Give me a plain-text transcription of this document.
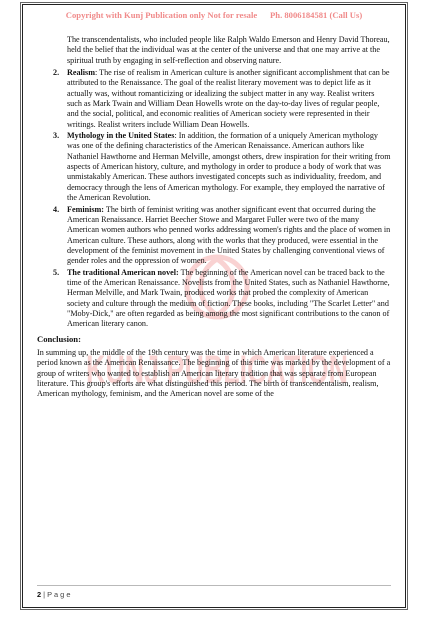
Copyright with Kunj Publication only Not for resale      Ph. 8006184581 (Call Us)
KUNJ PUBLICATION

The transcendentalists, who included people like Ralph Waldo Emerson and Henry David Thoreau, held the belief that the individual was at the center of the universe and that one may arrive at the spiritual truth by engaging in self-reflection and observing nature.

2. Realism: The rise of realism in American culture is another significant accomplishment that can be attributed to the Renaissance. The goal of the realist literary movement was to depict life as it actually was, without romanticizing or idealizing the subject matter in any way. Realist writers such as Mark Twain and William Dean Howells wrote on the day-to-day lives of regular people, and the social, political, and economic realities of American society were represented in their writings. Realist writers include William Dean Howells.
3. Mythology in the United States: In addition, the formation of a uniquely American mythology was one of the defining characteristics of the American Renaissance. American authors like Nathaniel Hawthorne and Herman Melville, amongst others, drew inspiration for their writing from aspects of American history, culture, and mythology in order to produce a body of work that was unmistakably American. These authors investigated concepts such as individuality, freedom, and democracy through the lens of American mythology. For example, they employed the narrative of the American Revolution.
4. Feminism: The birth of feminist writing was another significant event that occurred during the American Renaissance. Harriet Beecher Stowe and Margaret Fuller were two of the many American women authors who penned works addressing women's rights and the place of women in American culture. These authors, along with the works that they produced, were essential in the development of the feminist movement in the United States by challenging conventional views of gender roles and the oppression of women.
5. The traditional American novel: The beginning of the American novel can be traced back to the time of the American Renaissance. Novelists from the United States, such as Nathaniel Hawthorne, Herman Melville, and Mark Twain, produced works that probed the complexity of American society and culture through the medium of fiction. These books, including "The Scarlet Letter" and "Moby-Dick," are often regarded as being among the most significant contributions to the canon of American literary canon.
Conclusion:

In summing up, the middle of the 19th century was the time in which American literature experienced a period known as the American Renaissance. The beginning of this time was marked by the development of a group of writers who wanted to establish an American literary tradition that was separate from European literature. This group's efforts are what distinguished this period. The birth of transcendentalism, realism, American mythology, feminism, and the American novel are some of the

2 | P a g e
